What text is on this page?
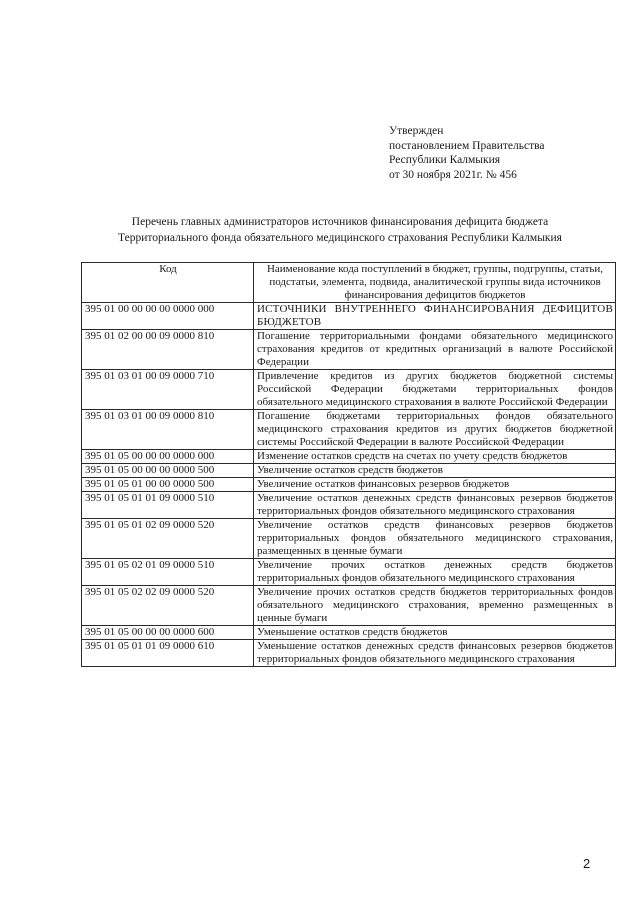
Утвержден
постановлением Правительства
Республики Калмыкия
от 30 ноября 2021г. № 456
Перечень главных администраторов источников финансирования дефицита бюджета
Территориального фонда обязательного медицинского страхования Республики Калмыкия
Код	Наименование кода поступлений в бюджет, группы, подгруппы, статьи, подстатьи, элемента, подвида, аналитической группы вида источников финансирования дефицитов бюджетов
395 01 00 00 00 00 0000 000	ИСТОЧНИКИ ВНУТРЕННЕГО ФИНАНСИРОВАНИЯ ДЕФИЦИТОВ БЮДЖЕТОВ
395 01 02 00 00 09 0000 810	Погашение территориальными фондами обязательного медицинского страхования кредитов от кредитных организаций в валюте Российской Федерации
395 01 03 01 00 09 0000 710	Привлечение кредитов из других бюджетов бюджетной системы Российской Федерации бюджетами территориальных фондов обязательного медицинского страхования в валюте Российской Федерации
395 01 03 01 00 09 0000 810	Погашение бюджетами территориальных фондов обязательного медицинского страхования кредитов из других бюджетов бюджетной системы Российской Федерации в валюте Российской Федерации
395 01 05 00 00 00 0000 000	Изменение остатков средств на счетах по учету средств бюджетов
395 01 05 00 00 00 0000 500	Увеличение остатков средств бюджетов
395 01 05 01 00 00 0000 500	Увеличение остатков финансовых резервов бюджетов
395 01 05 01 01 09 0000 510	Увеличение остатков денежных средств финансовых резервов бюджетов территориальных фондов обязательного медицинского страхования
395 01 05 01 02 09 0000 520	Увеличение остатков средств финансовых резервов бюджетов территориальных фондов обязательного медицинского страхования, размещенных в ценные бумаги
395 01 05 02 01 09 0000 510	Увеличение прочих остатков денежных средств бюджетов территориальных фондов обязательного медицинского страхования
395 01 05 02 02 09 0000 520	Увеличение прочих остатков средств бюджетов территориальных фондов обязательного медицинского страхования, временно размещенных в ценные бумаги
395 01 05 00 00 00 0000 600	Уменьшение остатков средств бюджетов
395 01 05 01 01 09 0000 610	Уменьшение остатков денежных средств финансовых резервов бюджетов территориальных фондов обязательного медицинского страхования
2
